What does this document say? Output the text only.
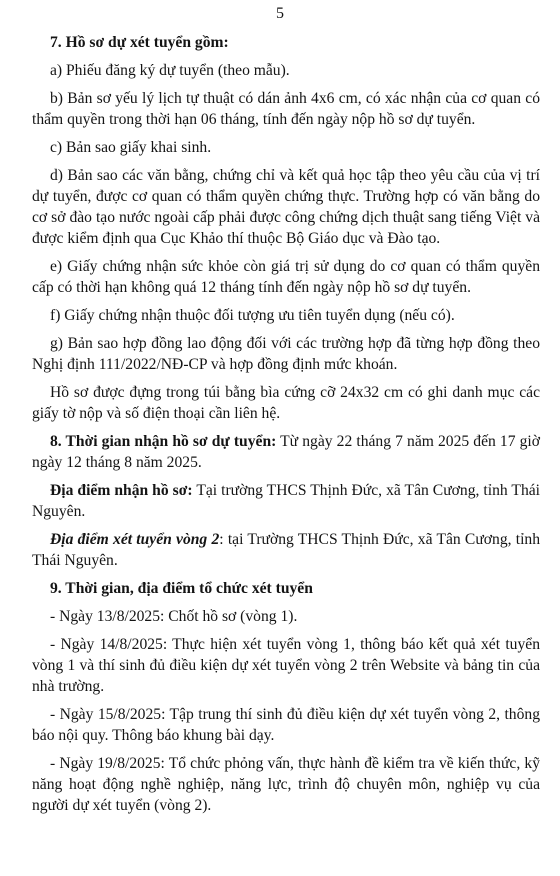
5

7. Hồ sơ dự xét tuyển gồm:

a) Phiếu đăng ký dự tuyển (theo mẫu).

b) Bản sơ yếu lý lịch tự thuật có dán ảnh 4x6 cm, có xác nhận của cơ quan có thẩm quyền trong thời hạn 06 tháng, tính đến ngày nộp hồ sơ dự tuyển.

c) Bản sao giấy khai sinh.

d) Bản sao các văn bằng, chứng chỉ và kết quả học tập theo yêu cầu của vị trí dự tuyển, được cơ quan có thẩm quyền chứng thực. Trường hợp có văn bằng do cơ sở đào tạo nước ngoài cấp phải được công chứng dịch thuật sang tiếng Việt và được kiểm định qua Cục Khảo thí thuộc Bộ Giáo dục và Đào tạo.

e) Giấy chứng nhận sức khỏe còn giá trị sử dụng do cơ quan có thẩm quyền cấp có thời hạn không quá 12 tháng tính đến ngày nộp hồ sơ dự tuyển.

f) Giấy chứng nhận thuộc đối tượng ưu tiên tuyển dụng (nếu có).

g) Bản sao hợp đồng lao động đối với các trường hợp đã từng hợp đồng theo Nghị định 111/2022/NĐ-CP và hợp đồng định mức khoán.

Hồ sơ được đựng trong túi bằng bìa cứng cỡ 24x32 cm có ghi danh mục các giấy tờ nộp và số điện thoại cần liên hệ.

8. Thời gian nhận hồ sơ dự tuyển: Từ ngày 22 tháng 7 năm 2025 đến 17 giờ ngày 12 tháng 8 năm 2025.

Địa điểm nhận hồ sơ: Tại trường THCS Thịnh Đức, xã Tân Cương, tỉnh Thái Nguyên.

Địa điểm xét tuyển vòng 2: tại Trường THCS Thịnh Đức, xã Tân Cương, tỉnh Thái Nguyên.

9. Thời gian, địa điểm tổ chức xét tuyển

- Ngày 13/8/2025: Chốt hồ sơ (vòng 1).

- Ngày 14/8/2025: Thực hiện xét tuyển vòng 1, thông báo kết quả xét tuyển vòng 1 và thí sinh đủ điều kiện dự xét tuyển vòng 2 trên Website và bảng tin của nhà trường.

- Ngày 15/8/2025: Tập trung thí sinh đủ điều kiện dự xét tuyển vòng 2, thông báo nội quy. Thông báo khung bài dạy.

- Ngày 19/8/2025: Tổ chức phỏng vấn, thực hành đề kiểm tra về kiến thức, kỹ năng hoạt động nghề nghiệp, năng lực, trình độ chuyên môn, nghiệp vụ của người dự xét tuyển (vòng 2).
